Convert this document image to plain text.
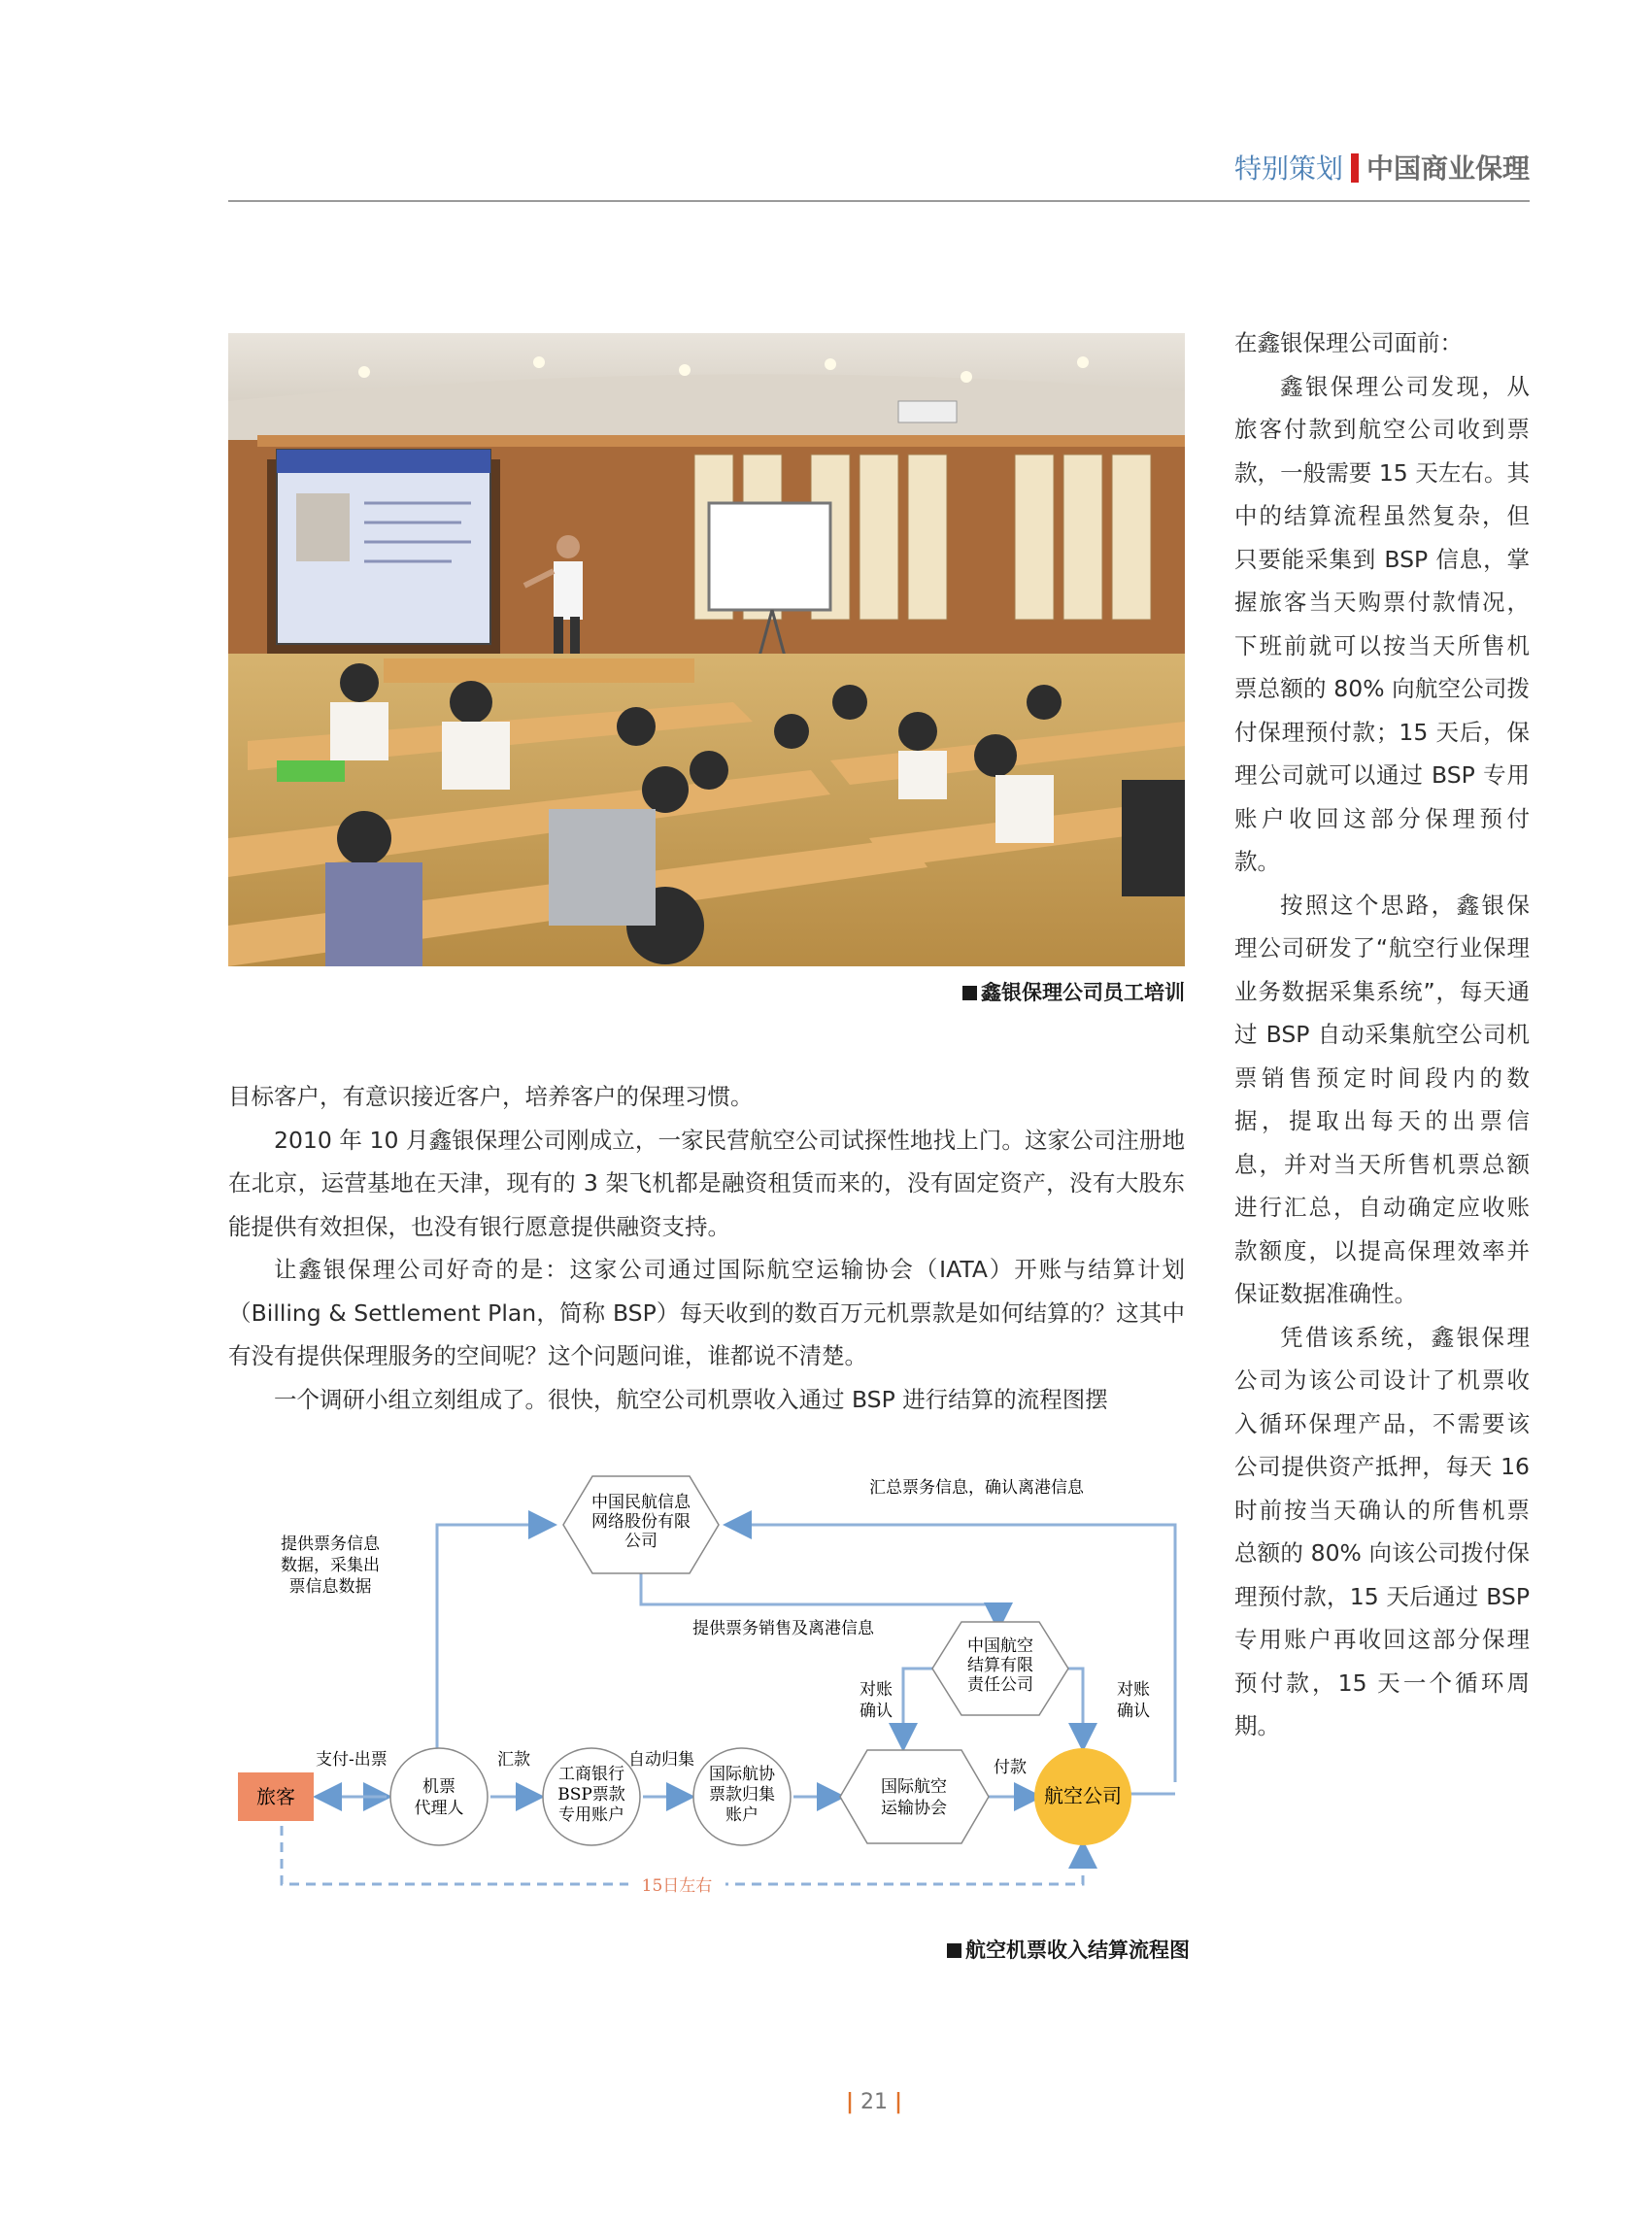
特别策划 中国商业保理
鑫银保理公司员工培训

目标客户，有意识接近客户，培养客户的保理习惯。

2010 年 10 月鑫银保理公司刚成立，一家民营航空公司试探性地找上门。这家公司注册地在北京，运营基地在天津，现有的 3 架飞机都是融资租赁而来的，没有固定资产，没有大股东能提供有效担保，也没有银行愿意提供融资支持。

让鑫银保理公司好奇的是：这家公司通过国际航空运输协会（IATA）开账与结算计划（Billing & Settlement Plan，简称 BSP）每天收到的数百万元机票款是如何结算的？这其中有没有提供保理服务的空间呢？这个问题问谁，谁都说不清楚。

一个调研小组立刻组成了。很快，航空公司机票收入通过 BSP 进行结算的流程图摆

在鑫银保理公司面前：

鑫银保理公司发现，从旅客付款到航空公司收到票款，一般需要 15 天左右。其中的结算流程虽然复杂，但只要能采集到 BSP 信息，掌握旅客当天购票付款情况，下班前就可以按当天所售机票总额的 80% 向航空公司拨付保理预付款；15 天后，保理公司就可以通过 BSP 专用账户收回这部分保理预付款。

按照这个思路，鑫银保理公司研发了“航空行业保理业务数据采集系统”，每天通过 BSP 自动采集航空公司机票销售预定时间段内的数据，提取出每天的出票信息，并对当天所售机票总额进行汇总，自动确定应收账款额度，以提高保理效率并保证数据准确性。

凭借该系统，鑫银保理公司为该公司设计了机票收入循环保理产品，不需要该公司提供资产抵押，每天 16 时前按当天确认的所售机票总额的 80% 向该公司拨付保理预付款，15 天后通过 BSP 专用账户再收回这部分保理预付款，15 天一个循环周期。

中国民航信息
网络股份有限
公司
中国航空
结算有限
责任公司
旅客	机票
代理人
工商银行
BSP票款
专用账户
国际航协
票款归集
账户
国际航空
运输协会
航空公司
汇总票务信息，确认离港信息
提供票务信息
数据，采集出
票信息数据
提供票务销售及离港信息
对账
确认
对账
确认
支付-出票	汇款	自动归集	付款
15日左右
航空机票收入结算流程图
| 21 |
